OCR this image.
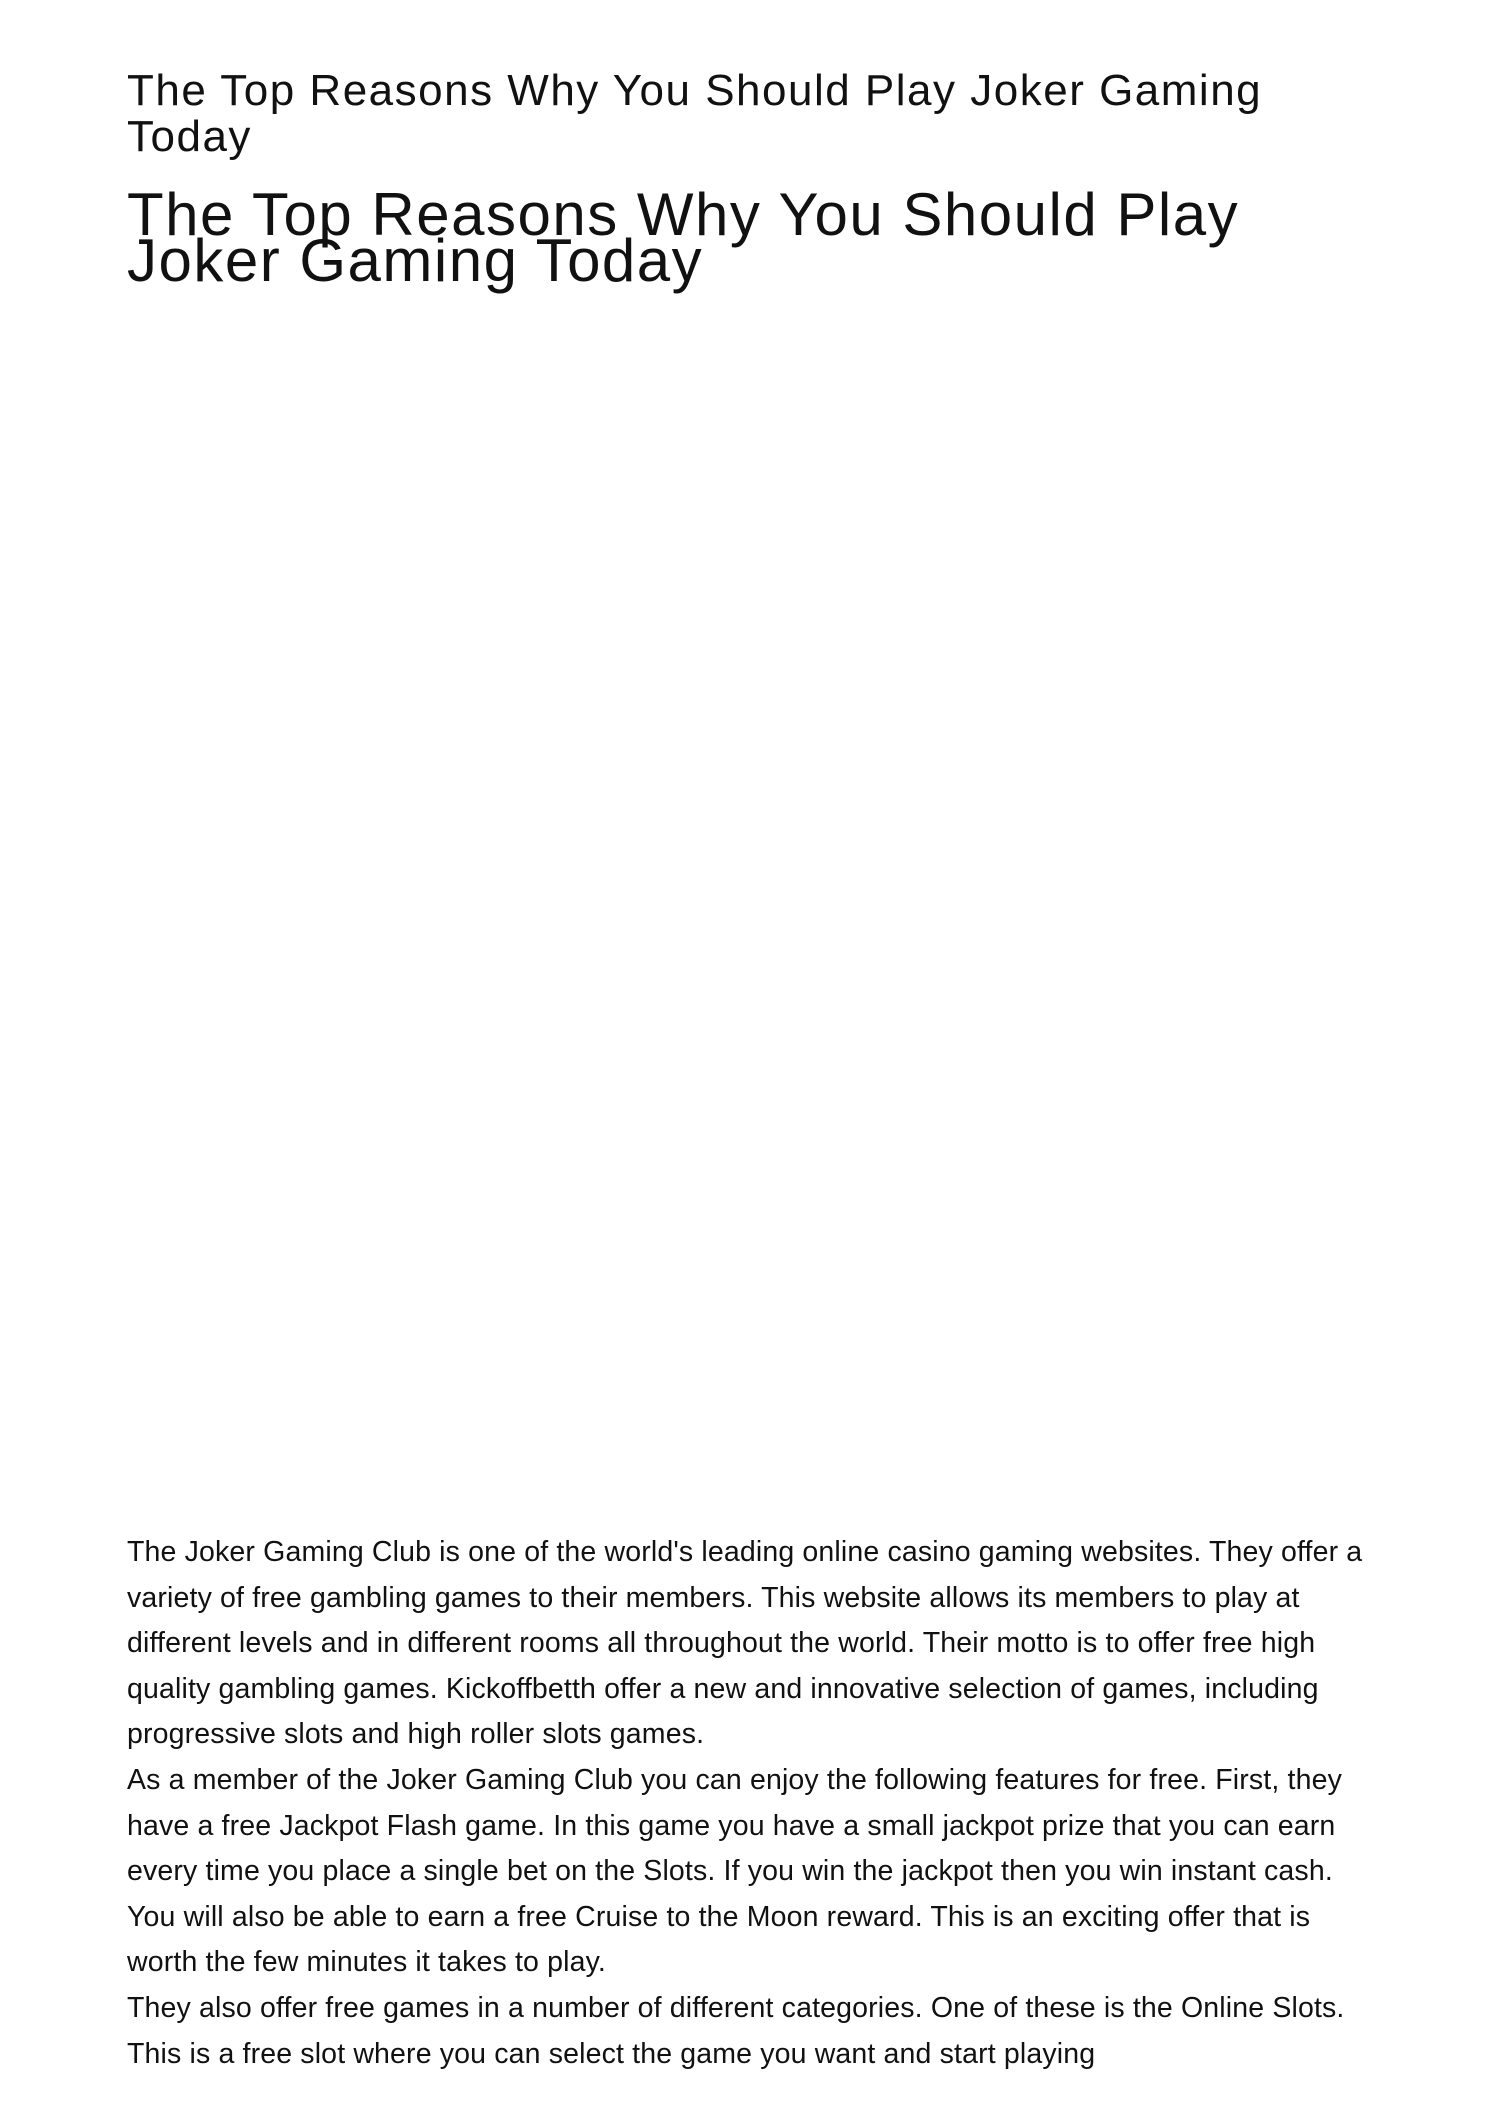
The Top Reasons Why You Should Play Joker Gaming Today
The Top Reasons Why You Should Play Joker Gaming Today

The Joker Gaming Club is one of the world's leading online casino gaming websites. They offer a variety of free gambling games to their members. This website allows its members to play at different levels and in different rooms all throughout the world. Their motto is to offer free high quality gambling games. Kickoffbetth offer a new and innovative selection of games, including progressive slots and high roller slots games.

As a member of the Joker Gaming Club you can enjoy the following features for free. First, they have a free Jackpot Flash game. In this game you have a small jackpot prize that you can earn every time you place a single bet on the Slots. If you win the jackpot then you win instant cash. You will also be able to earn a free Cruise to the Moon reward. This is an exciting offer that is worth the few minutes it takes to play.

They also offer free games in a number of different categories. One of these is the Online Slots. This is a free slot where you can select the game you want and start playing
